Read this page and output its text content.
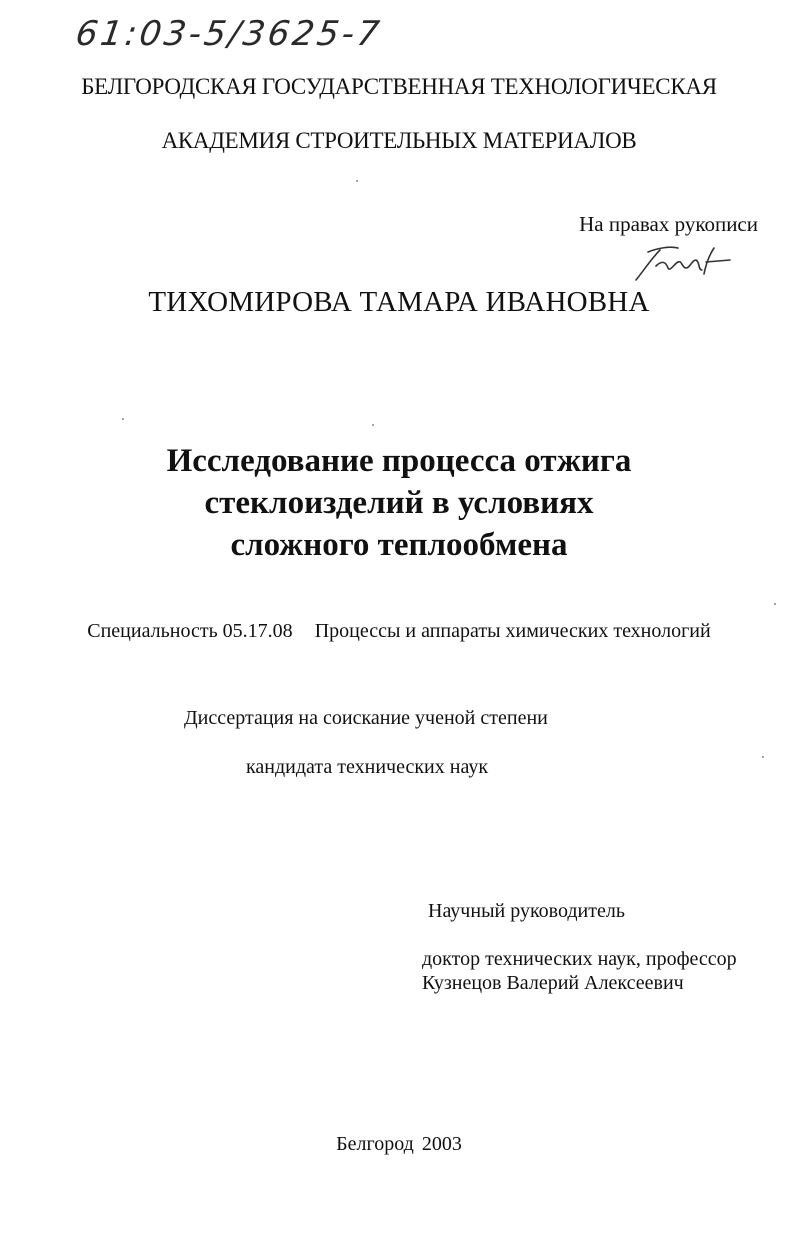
61:03-5/3625-7
БЕЛГОРОДСКАЯ ГОСУДАРСТВЕННАЯ ТЕХНОЛОГИЧЕСКАЯ
АКАДЕМИЯ СТРОИТЕЛЬНЫХ МАТЕРИАЛОВ
На правах рукописи
ТИХОМИРОВА ТАМАРА ИВАНОВНА
Исследование процесса отжига
стеклоизделий в условиях
сложного теплообмена
Специальность 05.17.08 Процессы и аппараты химических технологий
Диссертация на соискание ученой степени
кандидата технических наук
Научный руководитель
доктор технических наук, профессор
Кузнецов Валерий Алексеевич
Белгород 2003
